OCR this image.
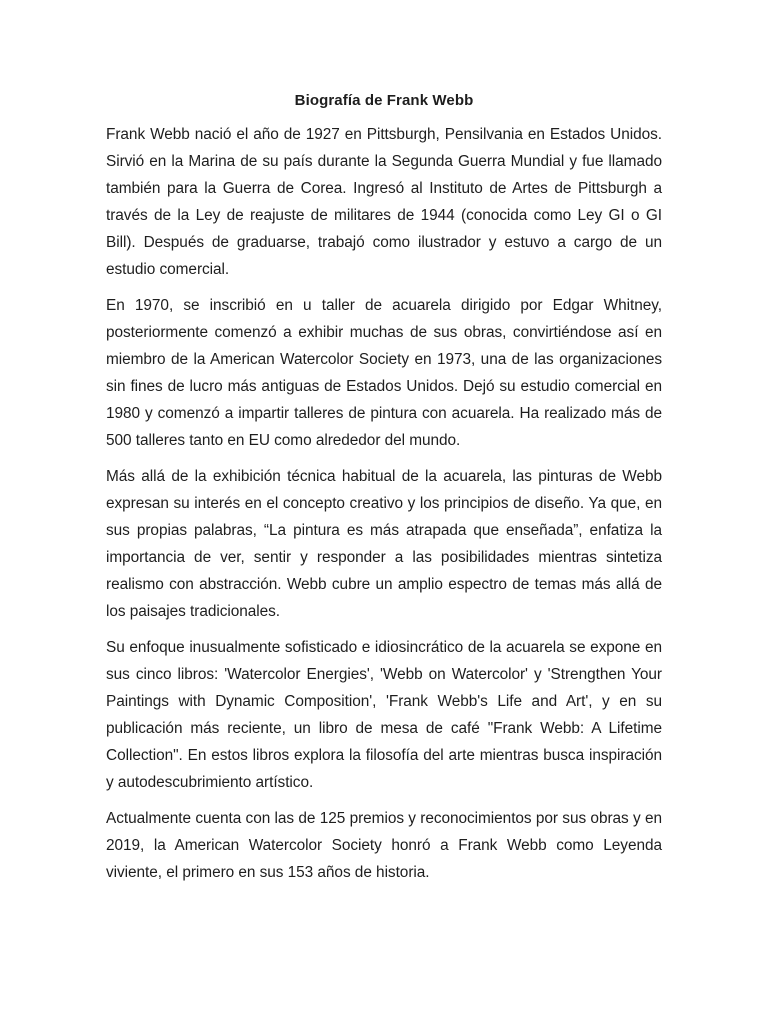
Biografía de Frank Webb

Frank Webb nació el año de 1927 en Pittsburgh, Pensilvania en Estados Unidos. Sirvió en la Marina de su país durante la Segunda Guerra Mundial y fue llamado también para la Guerra de Corea. Ingresó al Instituto de Artes de Pittsburgh a través de la Ley de reajuste de militares de 1944 (conocida como Ley GI o GI Bill). Después de graduarse, trabajó como ilustrador y estuvo a cargo de un estudio comercial.

En 1970, se inscribió en u taller de acuarela dirigido por Edgar Whitney, posteriormente comenzó a exhibir muchas de sus obras, convirtiéndose así en miembro de la American Watercolor Society en 1973, una de las organizaciones sin fines de lucro más antiguas de Estados Unidos. Dejó su estudio comercial en 1980 y comenzó a impartir talleres de pintura con acuarela. Ha realizado más de 500 talleres tanto en EU como alrededor del mundo.

Más allá de la exhibición técnica habitual de la acuarela, las pinturas de Webb expresan su interés en el concepto creativo y los principios de diseño. Ya que, en sus propias palabras, “La pintura es más atrapada que enseñada”, enfatiza la importancia de ver, sentir y responder a las posibilidades mientras sintetiza realismo con abstracción. Webb cubre un amplio espectro de temas más allá de los paisajes tradicionales.

Su enfoque inusualmente sofisticado e idiosincrático de la acuarela se expone en sus cinco libros: 'Watercolor Energies', 'Webb on Watercolor' y 'Strengthen Your Paintings with Dynamic Composition', 'Frank Webb's Life and Art', y en su publicación más reciente, un libro de mesa de café "Frank Webb: A Lifetime Collection". En estos libros explora la filosofía del arte mientras busca inspiración y autodescubrimiento artístico.

Actualmente cuenta con las de 125 premios y reconocimientos por sus obras y en 2019, la American Watercolor Society honró a Frank Webb como Leyenda viviente, el primero en sus 153 años de historia.
